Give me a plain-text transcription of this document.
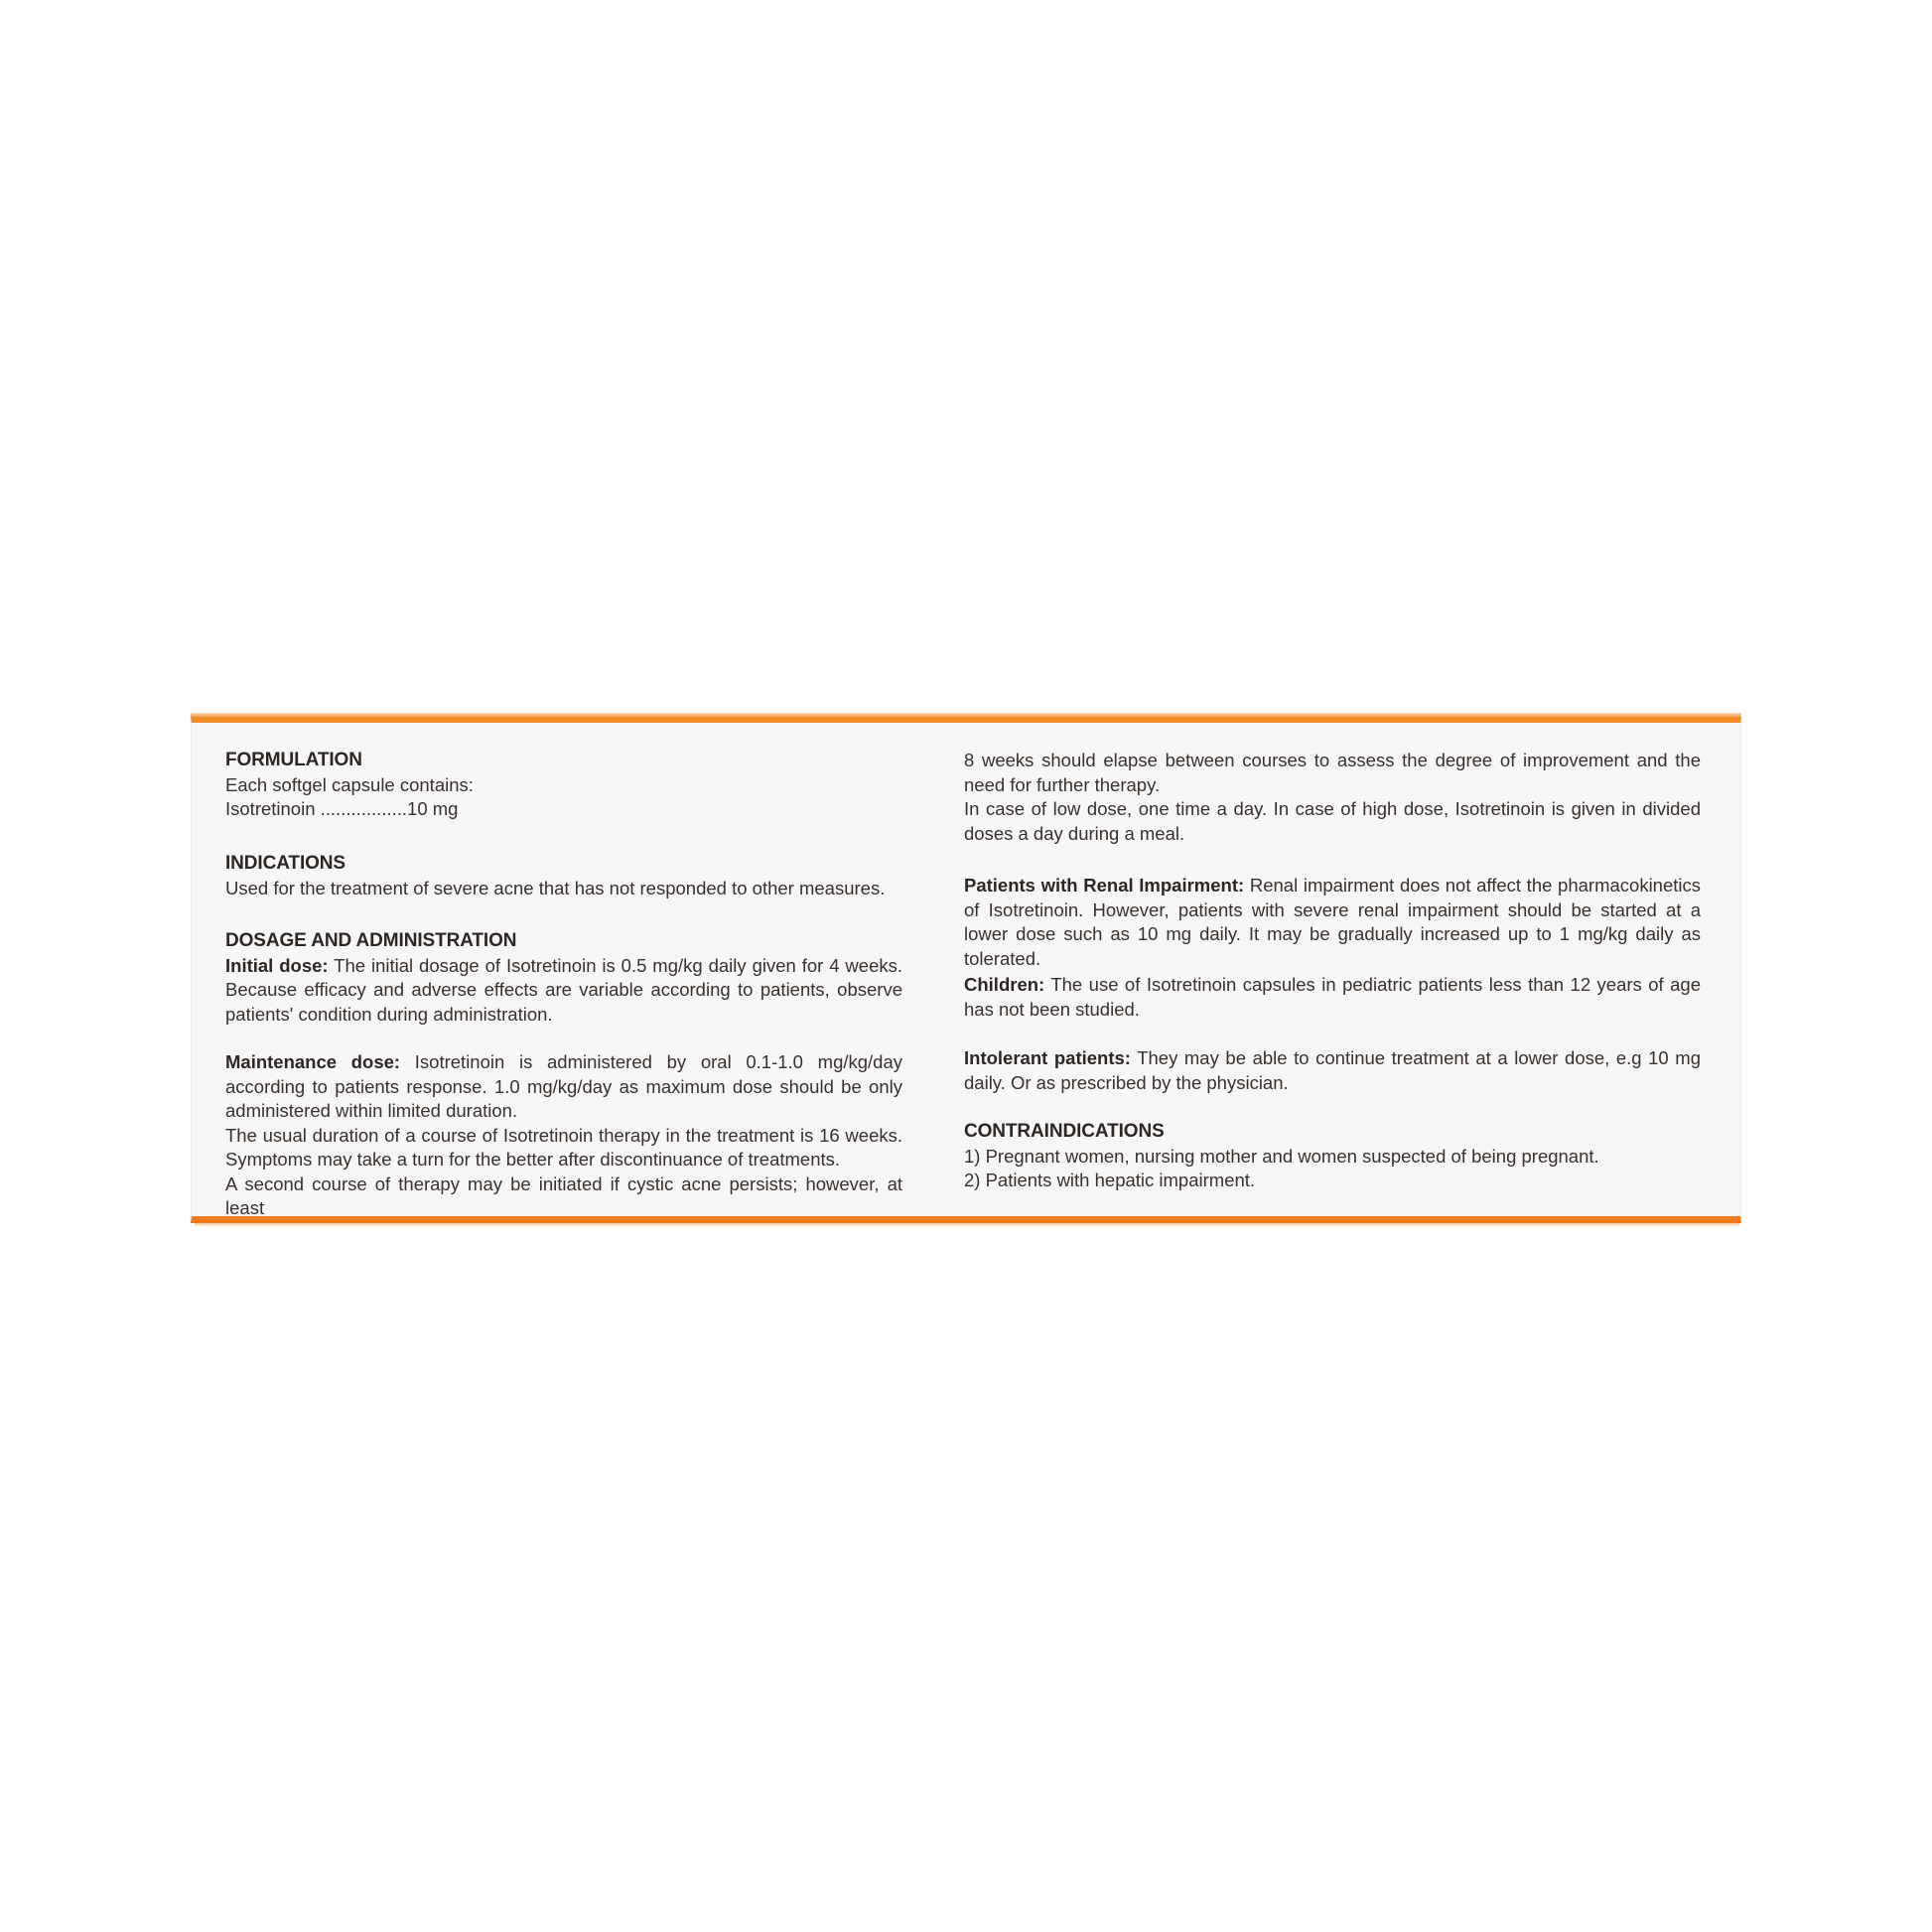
FORMULATION
Each softgel capsule contains:
Isotretinoin .................10 mg
INDICATIONS
Used for the treatment of severe acne that has not responded to other measures.
DOSAGE AND ADMINISTRATION

Initial dose: The initial dosage of Isotretinoin is 0.5 mg/kg daily given for 4 weeks. Because efficacy and adverse effects are variable according to patients, observe patients' condition during administration.

Maintenance dose: Isotretinoin is administered by oral 0.1-1.0 mg/kg/day according to patients response. 1.0 mg/kg/day as maximum dose should be only administered within limited duration.

The usual duration of a course of Isotretinoin therapy in the treatment is 16 weeks. Symptoms may take a turn for the better after discontinuance of treatments.

A second course of therapy may be initiated if cystic acne persists; however, at least

8 weeks should elapse between courses to assess the degree of improvement and the need for further therapy.

In case of low dose, one time a day. In case of high dose, Isotretinoin is given in divided doses a day during a meal.

Patients with Renal Impairment: Renal impairment does not affect the pharmacokinetics of Isotretinoin. However, patients with severe renal impairment should be started at a lower dose such as 10 mg daily. It may be gradually increased up to 1 mg/kg daily as tolerated.

Children: The use of Isotretinoin capsules in pediatric patients less than 12 years of age has not been studied.

Intolerant patients: They may be able to continue treatment at a lower dose, e.g 10 mg daily. Or as prescribed by the physician.

CONTRAINDICATIONS
1) Pregnant women, nursing mother and women suspected of being pregnant.
2) Patients with hepatic impairment.
